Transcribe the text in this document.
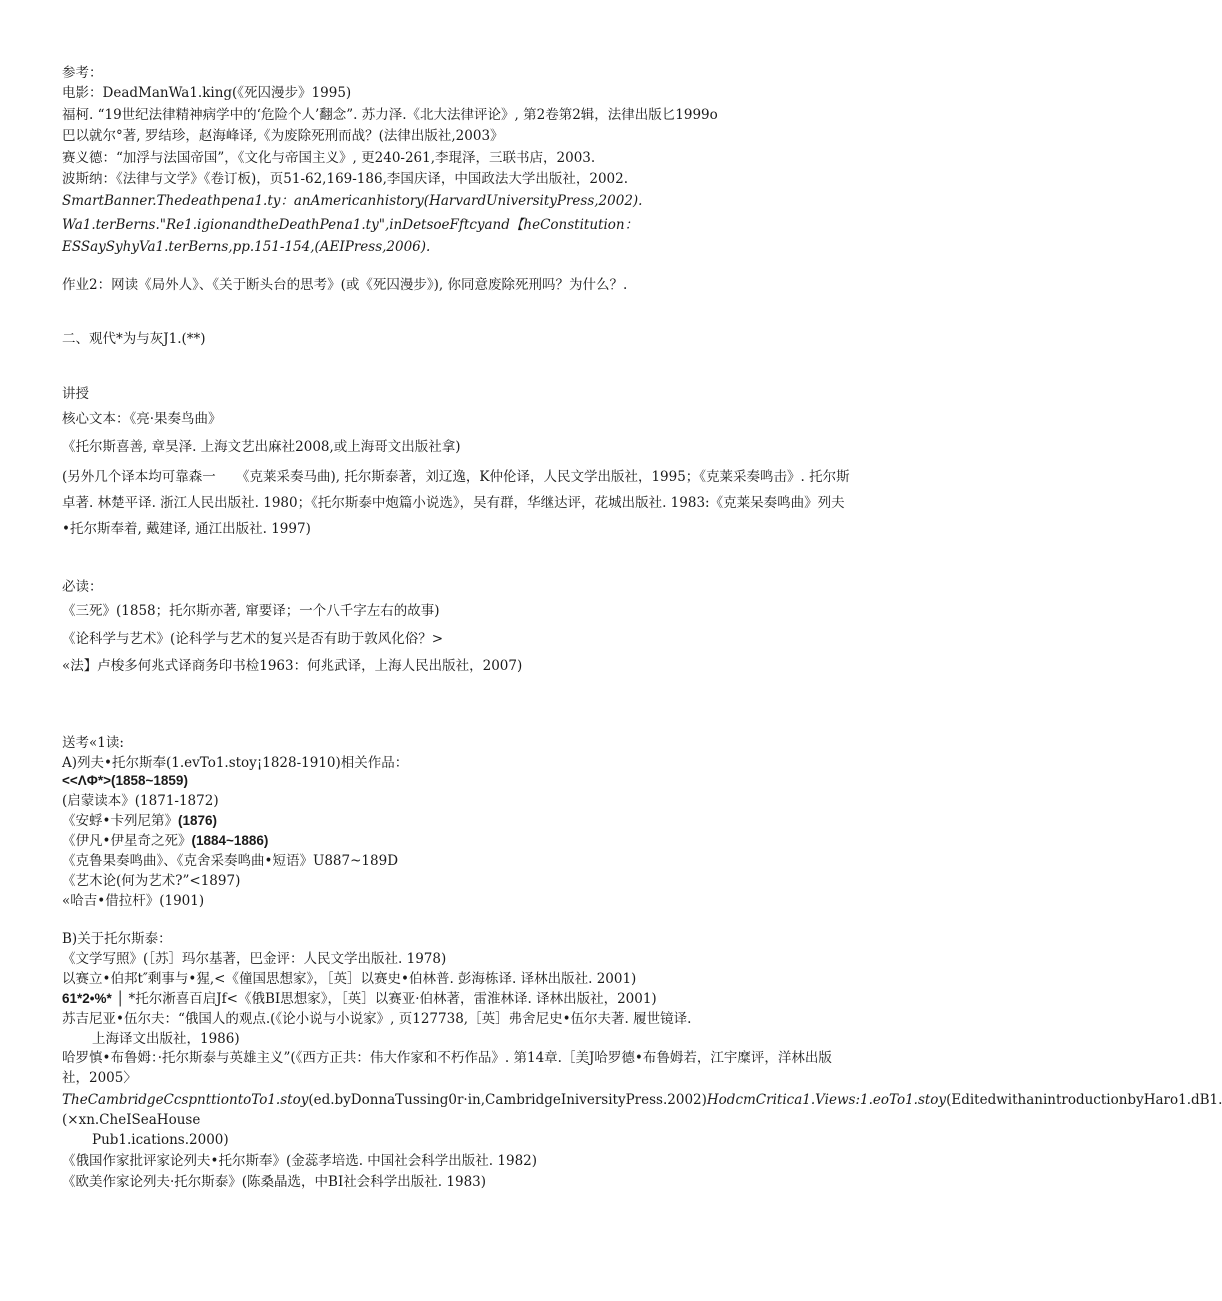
参考：
电影：DeadManWa1.king(《死囚漫步》1995)
福柯. “19世纪法律精神病学中的‘危险个人’翻念”. 苏力泽.《北大法律评论》, 第2卷第2辑，法律出版匕1999o
巴以就尔°著, 罗结珍，赵海峰译,《为废除死刑而战？(法律出版社,2003》
赛义德：“加浮与法国帝国”，《文化与帝国主义》, 更240-261,李琨泽，三联书店，2003.
波斯纳：《法律与文学》《卷订板)，页51-62,169-186,李国庆译，中国政法大学出版社，2002.
SmartBanner.Thedeathpena1.ty：anAmericanhistory(HarvardUniversityPress,2002).
Wa1.terBerns."Re1.igionandtheDeathPena1.ty",inDetsoeFftcyand【heConstitution：ESSaySyhyVa1.terBerns,pp.151-154,(AEIPress,2006).
作业2：网读《局外人》、《关于断头台的思考》(或《死囚漫步》), 你同意废除死刑吗？为什么？.
二、观代*为与灰J1.(**)
讲授
核心文本：《亮·果奏鸟曲》
《托尔斯喜善, 章昊泽. 上海文艺出麻社2008,或上海哥文出版社拿)
(另外几个译本均可靠森一　　《克莱采奏马曲), 托尔斯泰著，刘辽逸，K仲伦译，人民文学出版社，1995；《克莱采奏鸣击》. 托尔斯卓著. 林楚平译. 浙江人民出版社. 1980；《托尔斯泰中炮篇小说选》，吴有群，华继达评，花城出版社. 1983:《克莱呆奏鸣曲》列夫•托尔斯奉着, 戴建译, 通江出版社. 1997)
必读：
《三死》(1858；托尔斯亦著, 窜要译；一个八千字左右的故事)
《论科学与艺术》(论科学与艺术的复兴是否有助于敦风化俗？>
«法】卢梭多何兆式译商务印书检1963：何兆武译，上海人民出版社，2007)
送考«1读:
A)列夫•托尔斯奉(1.evTo1.stoy¡1828-1910)相关作品：
<<ΛΦ*>(1858~1859)
(启蒙读本》(1871-1872)
《安蜉•卡列尼第》(1876)
《伊凡•伊星奇之死》(1884~1886)
《克鲁果奏鸣曲》、《克舍采奏鸣曲•短语》U887~189D
《艺木论(何为艺术?”<1897)
«哈吉•借拉杆》(1901)
B)关于托尔斯泰：
《文学写照》(［苏］玛尔基著，巴金评：人民文学出版社. 1978)
以赛立•伯邦t″剩事与•猩,<《僮国思想家》，［英］以赛史•伯林普. 彭海栋译. 译林出版社. 2001)
61*2•%* │ *托尔淅喜百启Jf<《俄BI思想家》，［英］以赛亚·伯林著，雷淮林译. 译林出版社，2001)
苏吉尼亚•伍尔夫：“俄国人的观点.(《论小说与小说家》, 页127738,［英］弗舍尼史•伍尔夫著. 履世镜译.
上海译文出版社，1986)
哈罗慎•布鲁姆：·托尔斯泰与英雄主义”(《西方正共：伟大作家和不朽作品》. 第14章.［美J哈罗德•布鲁姆若，江宇糜评，洋林出版社，2005〉
TheCambridgeCcspnttiontoTo1.stoy(ed.byDonnaTussing0r·in,CambridgeIniversityPress.2002)HodcmCritica1.Views:1.eoTo1.stoy(EditedwithanintroductionbyHaro1.dB1.(×xn.CheISeaHouse
Pub1.ications.2000)
《俄国作家批评家论列夫•托尔斯奉》(金蕊孝培选. 中国社会科学出版社. 1982)
《欧美作家论列夫·托尔斯泰》(陈桑晶选，中BI社会科学出版社. 1983)
